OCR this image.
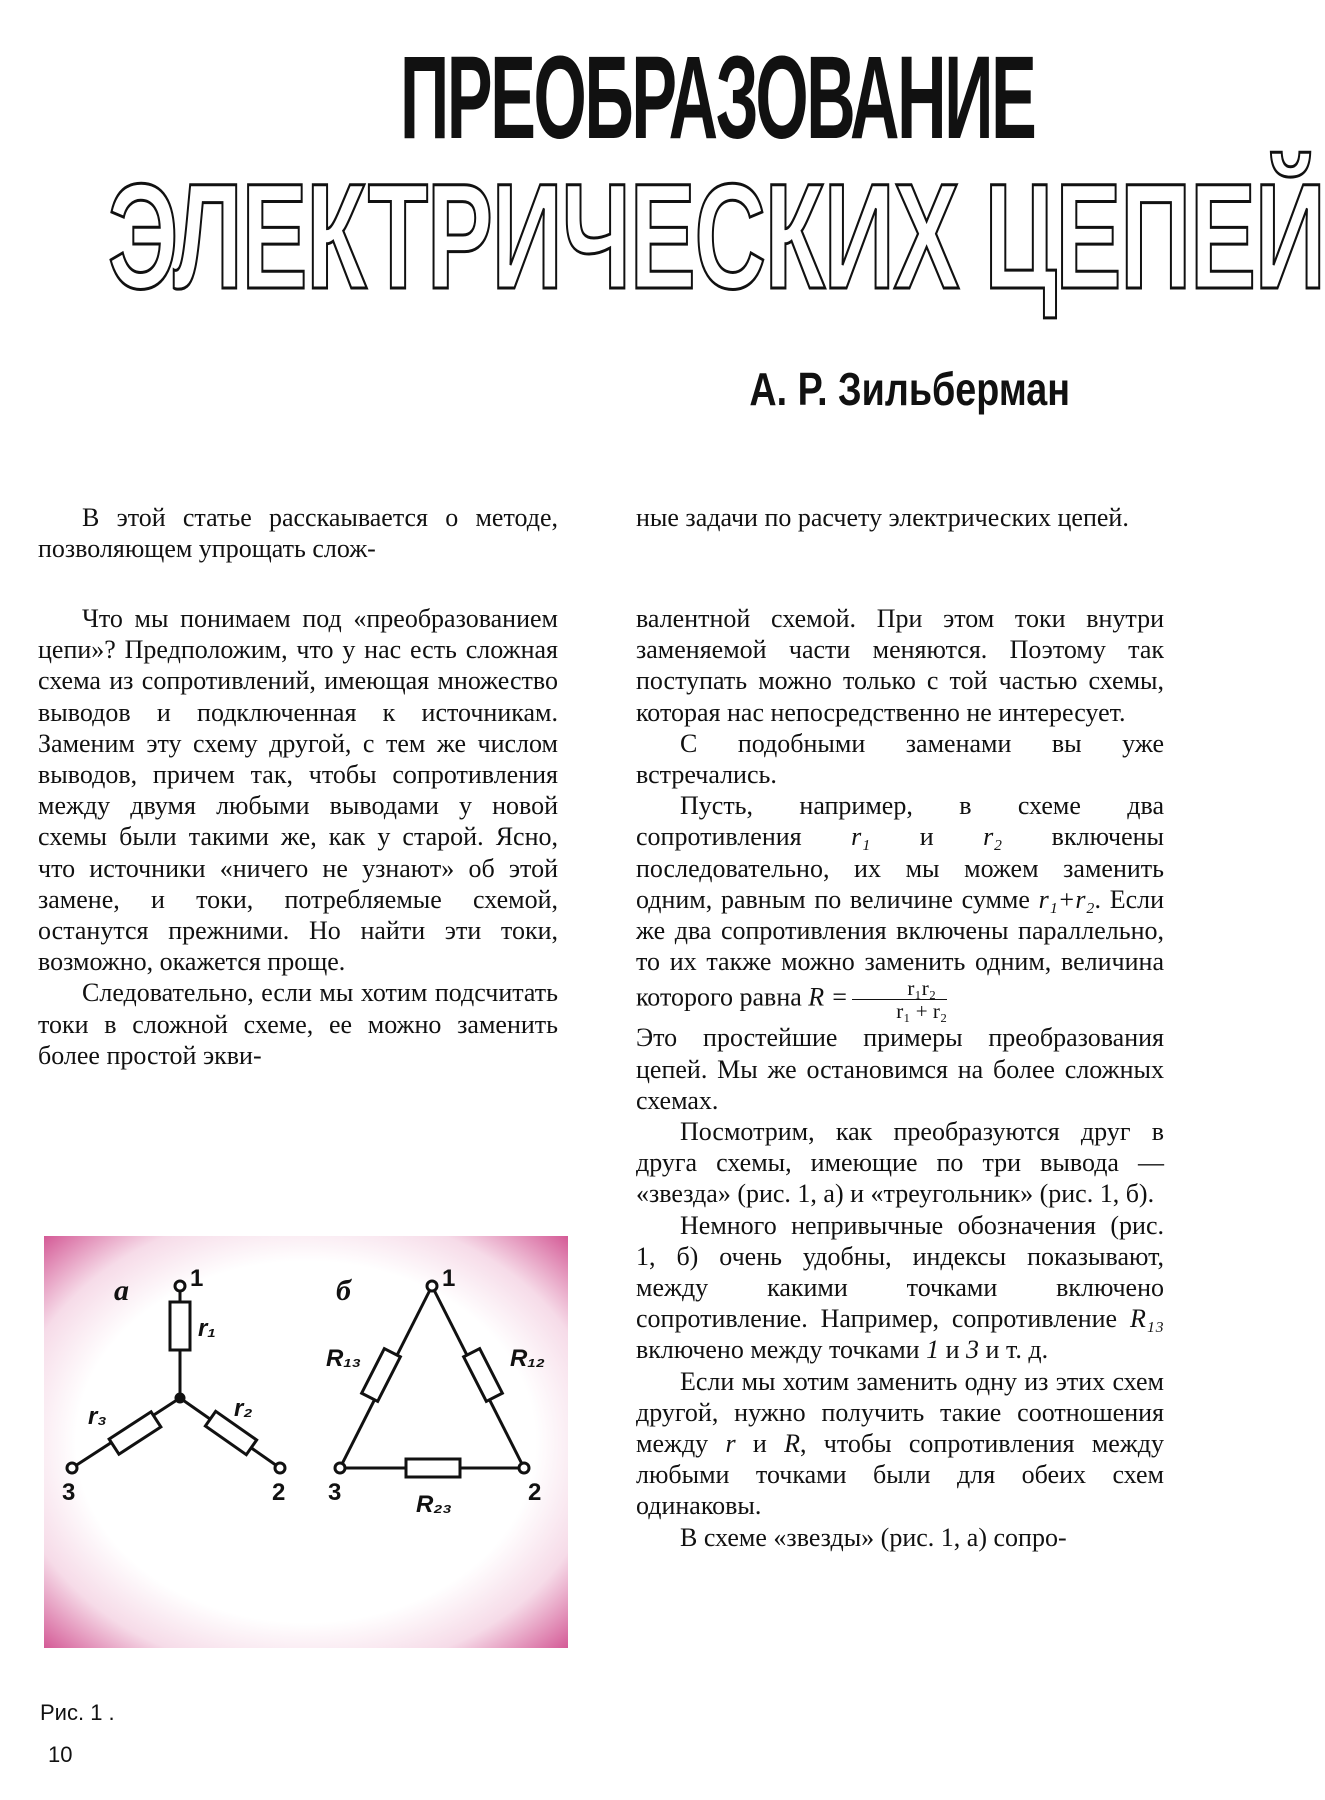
ПРЕОБРАЗОВАНИЕ
ЭЛЕКТРИЧЕСКИХ ЦЕПЕЙ
А. Р. Зильберман

В этой статье расскаывается о методе, позволяющем упрощать слож-

ные задачи по расчету электрических цепей.

Что мы понимаем под «преобразованием цепи»? Предположим, что у нас есть сложная схема из сопротивлений, имеющая множество выводов и подключенная к источникам. Заменим эту схему другой, с тем же числом выводов, причем так, чтобы сопротивления между двумя любыми выводами у новой схемы были такими же, как у старой. Ясно, что источники «ничего не узнают» об этой замене, и токи, потребляемые схемой, останутся прежними. Но найти эти токи, возможно, окажется проще.

Следовательно, если мы хотим подсчитать токи в сложной схеме, ее можно заменить более простой экви-

валентной схемой. При этом токи внутри заменяемой части меняются. Поэтому так поступать можно только с той частью схемы, которая нас непосредственно не интересует.

С подобными заменами вы уже встречались.

Пусть, например, в схеме два сопротивления r₁ и r₂ включены последовательно, их мы можем заменить одним, равным по величине сумме r₁+r₂. Если же два сопротивления включены параллельно, то их также можно заменить одним, величина которого равна $R = \frac{\text{r₁r₂}}{\text{r₁ + r₂}}$

Это простейшие примеры преобразования цепей. Мы же остановимся на более сложных схемах.

Посмотрим, как преобразуются друг в друга схемы, имеющие по три вывода — «звезда» (рис. 1, а) и «треугольник» (рис. 1, б).

Немного непривычные обозначения (рис. 1, б) очень удобны, индексы показывают, между какими точками включено сопротивление. Например, сопротивление R₁₃ включено между точками 1 и 3 и т. д.

Если мы хотим заменить одну из этих схем другой, нужно получить такие соотношения между r и R, чтобы сопротивления между любыми точками были для обеих схем одинаковы.

В схеме «звезды» (рис. 1, а) сопро-

а	б
1
3	2
r₁
r₃	r₂
1
3	2
R₁₃	R₁₂
R₂₃
Рис. 1 .
10
